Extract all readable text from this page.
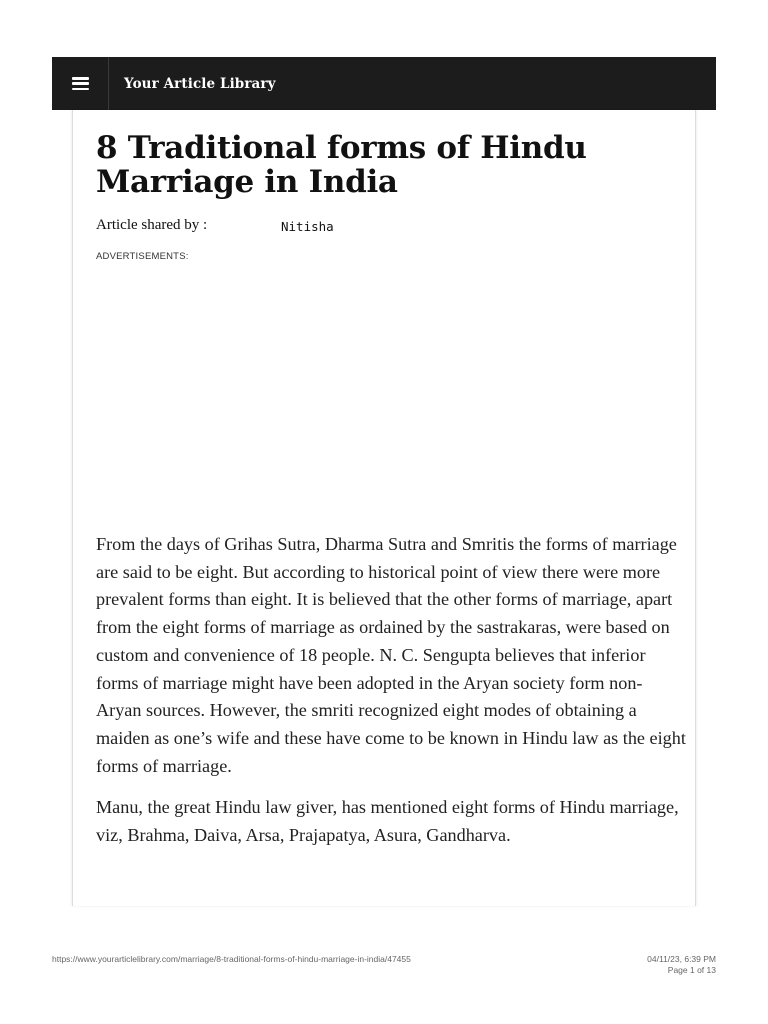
Your Article Library
8 Traditional forms of Hindu Marriage in India
Article shared by :	Nitisha
ADVERTISEMENTS:

From the days of Grihas Sutra, Dharma Sutra and Smritis the forms of marriage are said to be eight. But according to historical point of view there were more prevalent forms than eight. It is believed that the other forms of marriage, apart from the eight forms of marriage as ordained by the sastrakaras, were based on custom and convenience of 18 people. N. C. Sengupta believes that inferior forms of marriage might have been adopted in the Aryan society form non-Aryan sources. However, the smriti recognized eight modes of obtaining a maiden as one’s wife and these have come to be known in Hindu law as the eight forms of marriage.

Manu, the great Hindu law giver, has mentioned eight forms of Hindu marriage, viz, Brahma, Daiva, Arsa, Prajapatya, Asura, Gandharva.

https://www.yourarticlelibrary.com/marriage/8-traditional-forms-of-hindu-marriage-in-india/47455	04/11/23, 6:39 PM
Page 1 of 13
